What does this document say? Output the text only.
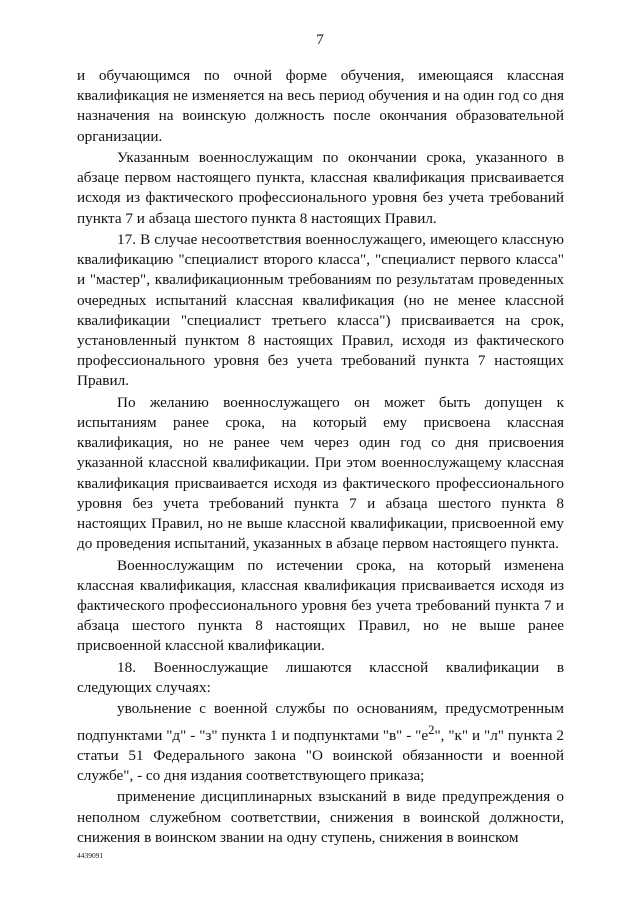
7

и обучающимся по очной форме обучения, имеющаяся классная квалификация не изменяется на весь период обучения и на один год со дня назначения на воинскую должность после окончания образовательной организации.

Указанным военнослужащим по окончании срока, указанного в абзаце первом настоящего пункта, классная квалификация присваивается исходя из фактического профессионального уровня без учета требований пункта 7 и абзаца шестого пункта 8 настоящих Правил.

17. В случае несоответствия военнослужащего, имеющего классную квалификацию "специалист второго класса", "специалист первого класса" и "мастер", квалификационным требованиям по результатам проведенных очередных испытаний классная квалификация (но не менее классной квалификации "специалист третьего класса") присваивается на срок, установленный пунктом 8 настоящих Правил, исходя из фактического профессионального уровня без учета требований пункта 7 настоящих Правил.

По желанию военнослужащего он может быть допущен к испытаниям ранее срока, на который ему присвоена классная квалификация, но не ранее чем через один год со дня присвоения указанной классной квалификации. При этом военнослужащему классная квалификация присваивается исходя из фактического профессионального уровня без учета требований пункта 7 и абзаца шестого пункта 8 настоящих Правил, но не выше классной квалификации, присвоенной ему до проведения испытаний, указанных в абзаце первом настоящего пункта.

Военнослужащим по истечении срока, на который изменена классная квалификация, классная квалификация присваивается исходя из фактического профессионального уровня без учета требований пункта 7 и абзаца шестого пункта 8 настоящих Правил, но не выше ранее присвоенной классной квалификации.

18. Военнослужащие лишаются классной квалификации в следующих случаях:

увольнение с военной службы по основаниям, предусмотренным подпунктами "д" - "з" пункта 1 и подпунктами "в" - "$е^2$", "к" и "л" пункта 2 статьи 51 Федерального закона "О воинской обязанности и военной службе", - со дня издания соответствующего приказа;

применение дисциплинарных взысканий в виде предупреждения о неполном служебном соответствии, снижения в воинской должности, снижения в воинском звании на одну ступень, снижения в воинском

4439091
